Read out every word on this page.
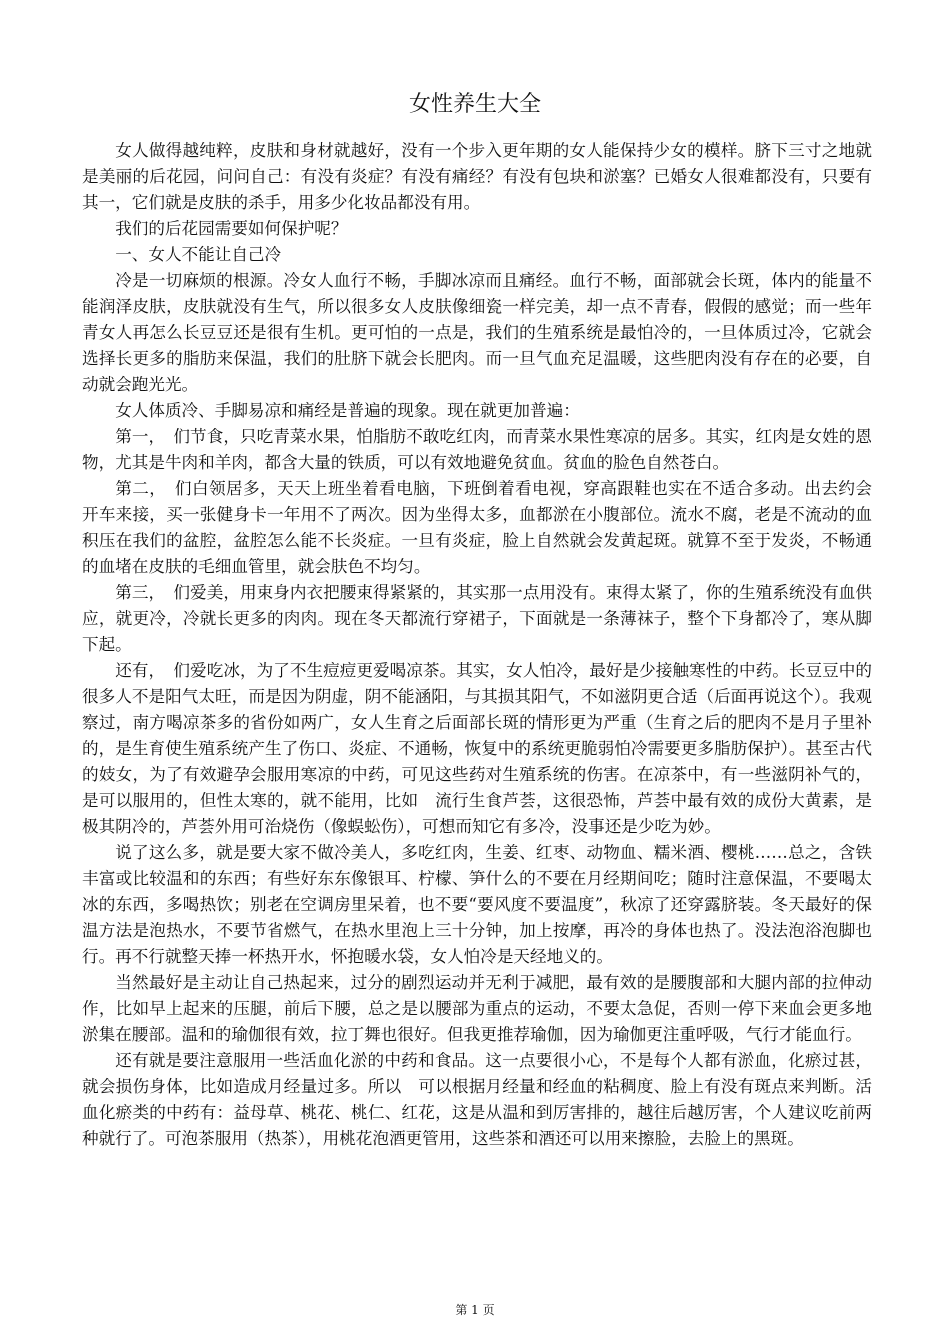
女性养生大全

女人做得越纯粹，皮肤和身材就越好，没有一个步入更年期的女人能保持少女的模样。脐下三寸之地就是美丽的后花园，问问自己：有没有炎症？有没有痛经？有没有包块和淤塞？已婚女人很难都没有，只要有其一，它们就是皮肤的杀手，用多少化妆品都没有用。

我们的后花园需要如何保护呢？

一、女人不能让自己冷

冷是一切麻烦的根源。冷女人血行不畅，手脚冰凉而且痛经。血行不畅，面部就会长斑，体内的能量不能润泽皮肤，皮肤就没有生气，所以很多女人皮肤像细瓷一样完美，却一点不青春，假假的感觉；而一些年青女人再怎么长豆豆还是很有生机。更可怕的一点是，我们的生殖系统是最怕冷的，一旦体质过冷，它就会选择长更多的脂肪来保温，我们的肚脐下就会长肥肉。而一旦气血充足温暖，这些肥肉没有存在的必要，自动就会跑光光。

女人体质冷、手脚易凉和痛经是普遍的现象。现在就更加普遍：

第一，　们节食，只吃青菜水果，怕脂肪不敢吃红肉，而青菜水果性寒凉的居多。其实，红肉是女姓的恩物，尤其是牛肉和羊肉，都含大量的铁质，可以有效地避免贫血。贫血的脸色自然苍白。

第二，　们白领居多，天天上班坐着看电脑，下班倒着看电视，穿高跟鞋也实在不适合多动。出去约会　开车来接，买一张健身卡一年用不了两次。因为坐得太多，血都淤在小腹部位。流水不腐，老是不流动的血积压在我们的盆腔，盆腔怎么能不长炎症。一旦有炎症，脸上自然就会发黄起斑。就算不至于发炎，不畅通的血堵在皮肤的毛细血管里，就会肤色不均匀。

第三，　们爱美，用束身内衣把腰束得紧紧的，其实那一点用没有。束得太紧了，你的生殖系统没有血供应，就更冷，冷就长更多的肉肉。现在冬天都流行穿裙子，下面就是一条薄袜子，整个下身都冷了，寒从脚下起。

还有，　们爱吃冰，为了不生痘痘更爱喝凉茶。其实，女人怕冷，最好是少接触寒性的中药。长豆豆中的很多人不是阳气太旺，而是因为阴虚，阴不能涵阳，与其损其阳气，不如滋阴更合适（后面再说这个）。我观察过，南方喝凉茶多的省份如两广，女人生育之后面部长斑的情形更为严重（生育之后的肥肉不是月子里补的，是生育使生殖系统产生了伤口、炎症、不通畅，恢复中的系统更脆弱怕冷需要更多脂肪保护）。甚至古代的妓女，为了有效避孕会服用寒凉的中药，可见这些药对生殖系统的伤害。在凉茶中，有一些滋阴补气的，是可以服用的，但性太寒的，就不能用，比如　流行生食芦荟，这很恐怖，芦荟中最有效的成份大黄素，是极其阴冷的，芦荟外用可治烧伤（像蜈蚣伤），可想而知它有多冷，没事还是少吃为妙。

说了这么多，就是要大家不做冷美人，多吃红肉，生姜、红枣、动物血、糯米酒、樱桃……总之，含铁丰富或比较温和的东西；有些好东东像银耳、柠檬、笋什么的不要在月经期间吃；随时注意保温，不要喝太冰的东西，多喝热饮；别老在空调房里呆着，也不要“要风度不要温度”，秋凉了还穿露脐装。冬天最好的保温方法是泡热水，不要节省燃气，在热水里泡上三十分钟，加上按摩，再冷的身体也热了。没法泡浴泡脚也行。再不行就整天捧一杯热开水，怀抱暖水袋，女人怕冷是天经地义的。

当然最好是主动让自己热起来，过分的剧烈运动并无利于减肥，最有效的是腰腹部和大腿内部的拉伸动作，比如早上起来的压腿，前后下腰，总之是以腰部为重点的运动，不要太急促，否则一停下来血会更多地淤集在腰部。温和的瑜伽很有效，拉丁舞也很好。但我更推荐瑜伽，因为瑜伽更注重呼吸，气行才能血行。

还有就是要注意服用一些活血化淤的中药和食品。这一点要很小心，不是每个人都有淤血，化瘀过甚，就会损伤身体，比如造成月经量过多。所以　可以根据月经量和经血的粘稠度、脸上有没有斑点来判断。活血化瘀类的中药有：益母草、桃花、桃仁、红花，这是从温和到厉害排的，越往后越厉害，个人建议吃前两种就行了。可泡茶服用（热茶），用桃花泡酒更管用，这些茶和酒还可以用来擦脸，去脸上的黑斑。

第 1 页
